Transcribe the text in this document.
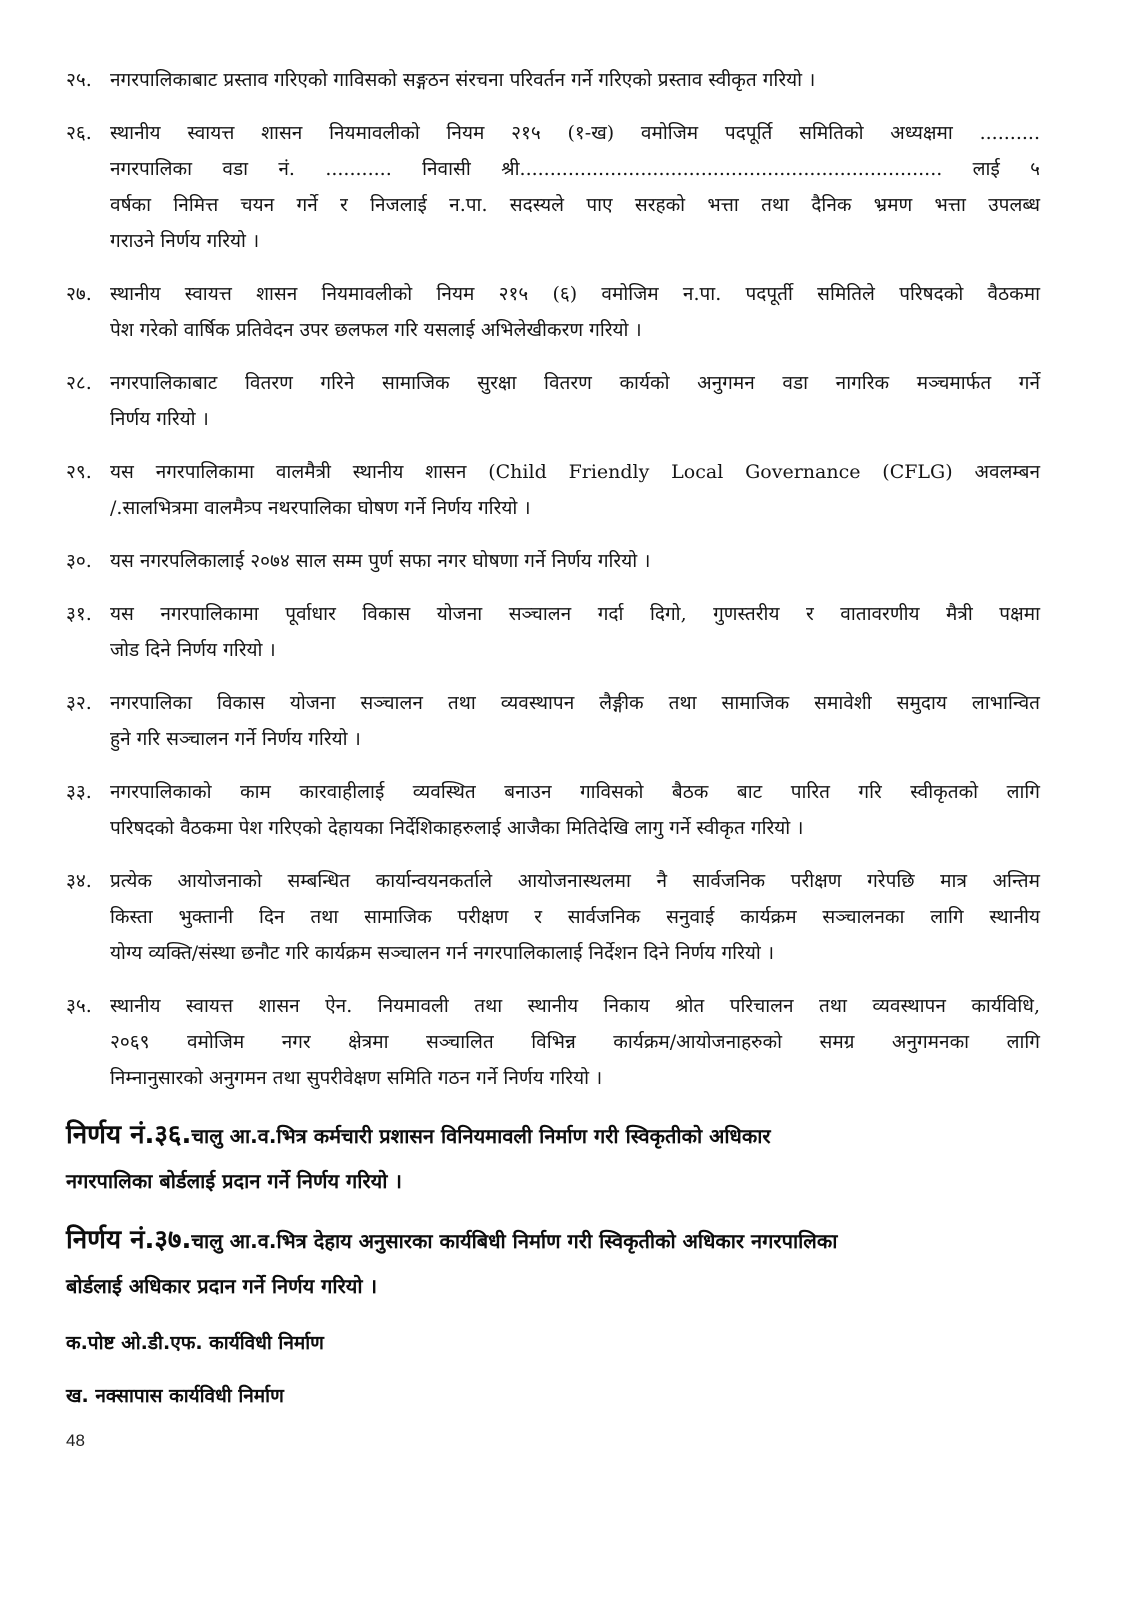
२५. नगरपालिकाबाट प्रस्ताव गरिएको गाविसको सङ्गठन संरचना परिवर्तन गर्ने गरिएको प्रस्ताव स्वीकृत गरियो ।
२६. स्थानीय स्वायत्त शासन नियमावलीको नियम २१५ (१-ख) वमोजिम पदपूर्ति समितिको अध्यक्षमा ..........
नगरपालिका वडा नं. ........... निवासी श्री...................................................................... लाई ५
वर्षका निमित्त चयन गर्ने र निजलाई न.पा. सदस्यले पाए सरहको भत्ता तथा दैनिक भ्रमण भत्ता उपलब्ध
गराउने निर्णय गरियो ।
२७. स्थानीय स्वायत्त शासन नियमावलीको नियम २१५ (६) वमोजिम न.पा. पदपूर्ती समितिले परिषदको वैठकमा
पेश गरेको वार्षिक प्रतिवेदन उपर छलफल गरि यसलाई अभिलेखीकरण गरियो ।
२८. नगरपालिकाबाट वितरण गरिने सामाजिक सुरक्षा वितरण कार्यको अनुगमन वडा नागरिक मञ्चमार्फत गर्ने
निर्णय गरियो ।
२९. यस नगरपालिकामा वालमैत्री स्थानीय शासन (Child Friendly Local Governance (CFLG) अवलम्बन
/.सालभित्रमा वालमैत्र्प नथरपालिका घोषण गर्ने निर्णय गरियो ।
३०. यस नगरपलिकालाई २०७४ साल सम्म पुर्ण सफा नगर घोषणा गर्ने निर्णय गरियो ।
३१. यस नगरपालिकामा पूर्वाधार विकास योजना सञ्चालन गर्दा दिगो, गुणस्तरीय र वातावरणीय मैत्री पक्षमा
जोड दिने निर्णय गरियो ।
३२. नगरपालिका विकास योजना सञ्चालन तथा व्यवस्थापन लैङ्गीक तथा सामाजिक समावेशी समुदाय लाभान्वित
हुने गरि सञ्चालन गर्ने निर्णय गरियो ।
३३. नगरपालिकाको काम कारवाहीलाई व्यवस्थित बनाउन गाविसको बैठक बाट पारित गरि स्वीकृतको लागि
परिषदको वैठकमा पेश गरिएको देहायका निर्देशिकाहरुलाई आजैका मितिदेखि लागु गर्ने स्वीकृत गरियो ।
३४. प्रत्येक आयोजनाको सम्बन्धित कार्यान्वयनकर्ताले आयोजनास्थलमा नै सार्वजनिक परीक्षण गरेपछि मात्र अन्तिम
किस्ता भुक्तानी दिन तथा सामाजिक परीक्षण र सार्वजनिक सनुवाई कार्यक्रम सञ्चालनका लागि स्थानीय
योग्य व्यक्ति/संस्था छनौट गरि कार्यक्रम सञ्चालन गर्न नगरपालिकालाई निर्देशन दिने निर्णय गरियो ।
३५. स्थानीय स्वायत्त शासन ऐन. नियमावली तथा स्थानीय निकाय श्रोत परिचालन तथा व्यवस्थापन कार्यविधि,
२०६९ वमोजिम नगर क्षेत्रमा सञ्चालित विभिन्न कार्यक्रम/आयोजनाहरुको समग्र अनुगमनका लागि
निम्नानुसारको अनुगमन तथा सुपरीवेक्षण समिति गठन गर्ने निर्णय गरियो ।
निर्णय नं.३६.चालु आ.व.भित्र कर्मचारी प्रशासन विनियमावली निर्माण गरी स्विकृतीको अधिकार
नगरपालिका बोर्डलाई प्रदान गर्ने निर्णय गरियो ।
निर्णय नं.३७.चालु आ.व.भित्र देहाय अनुसारका कार्यबिधी निर्माण गरी स्विकृतीको अधिकार नगरपालिका
बोर्डलाई अधिकार प्रदान गर्ने निर्णय गरियो ।
क.पोष्ट ओ.डी.एफ. कार्यविधी निर्माण
ख. नक्सापास कार्यविधी निर्माण
48
